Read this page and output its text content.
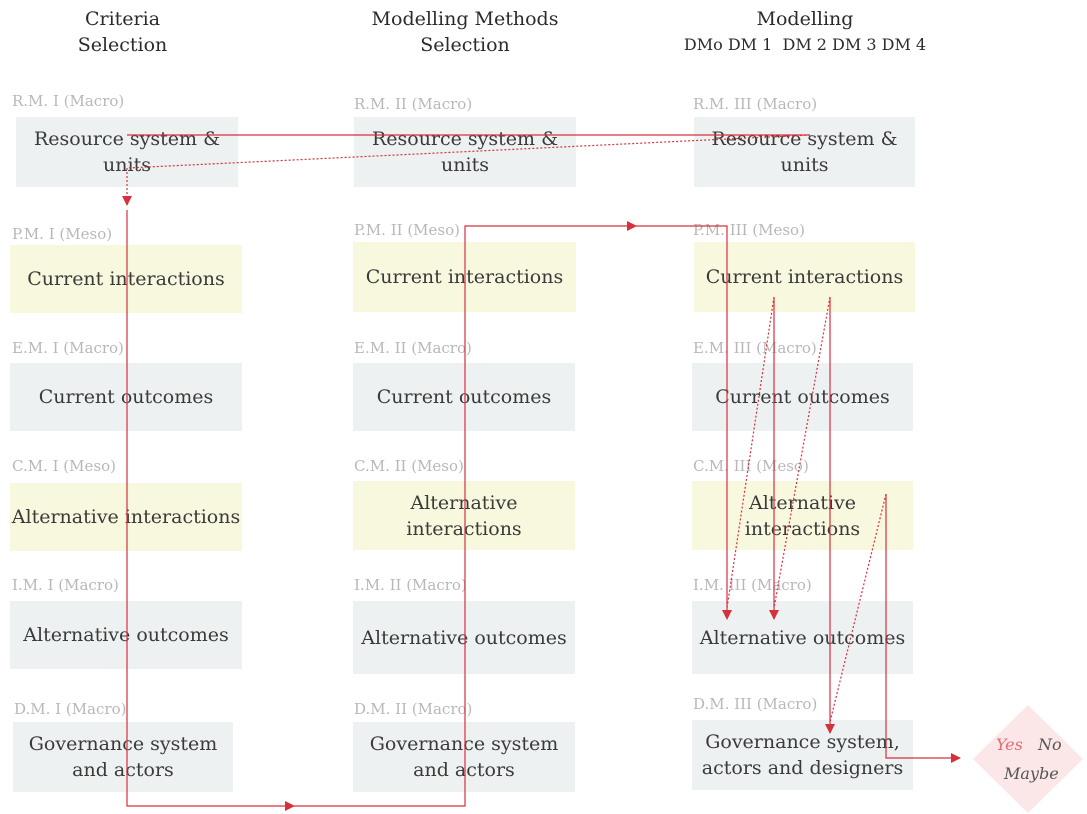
Criteria
Selection
Modelling Methods
Selection
Modelling
DMo DM 1  DM 2 DM 3 DM 4
R.M. I (Macro)
Resource system & units
P.M. I (Meso)
Current interactions
E.M. I (Macro)
Current outcomes
C.M. I (Meso)
Alternative interactions
I.M. I (Macro)
Alternative outcomes
D.M. I (Macro)
Governance system
and actors
R.M. II (Macro)
Resource system & units
P.M. II (Meso)
Current interactions
E.M. II (Macro)
Current outcomes
C.M. II (Meso)
Alternative interactions
I.M. II (Macro)
Alternative outcomes
D.M. II (Macro)
Governance system
and actors
R.M. III (Macro)
Resource system & units
P.M. III (Meso)
Current interactions
E.M. III (Macro)
Current outcomes
C.M. III (Meso)
Alternative interactions
I.M. III (Macro)
Alternative outcomes
D.M. III (Macro)
Governance system,
actors and designers
Yes No
Maybe
